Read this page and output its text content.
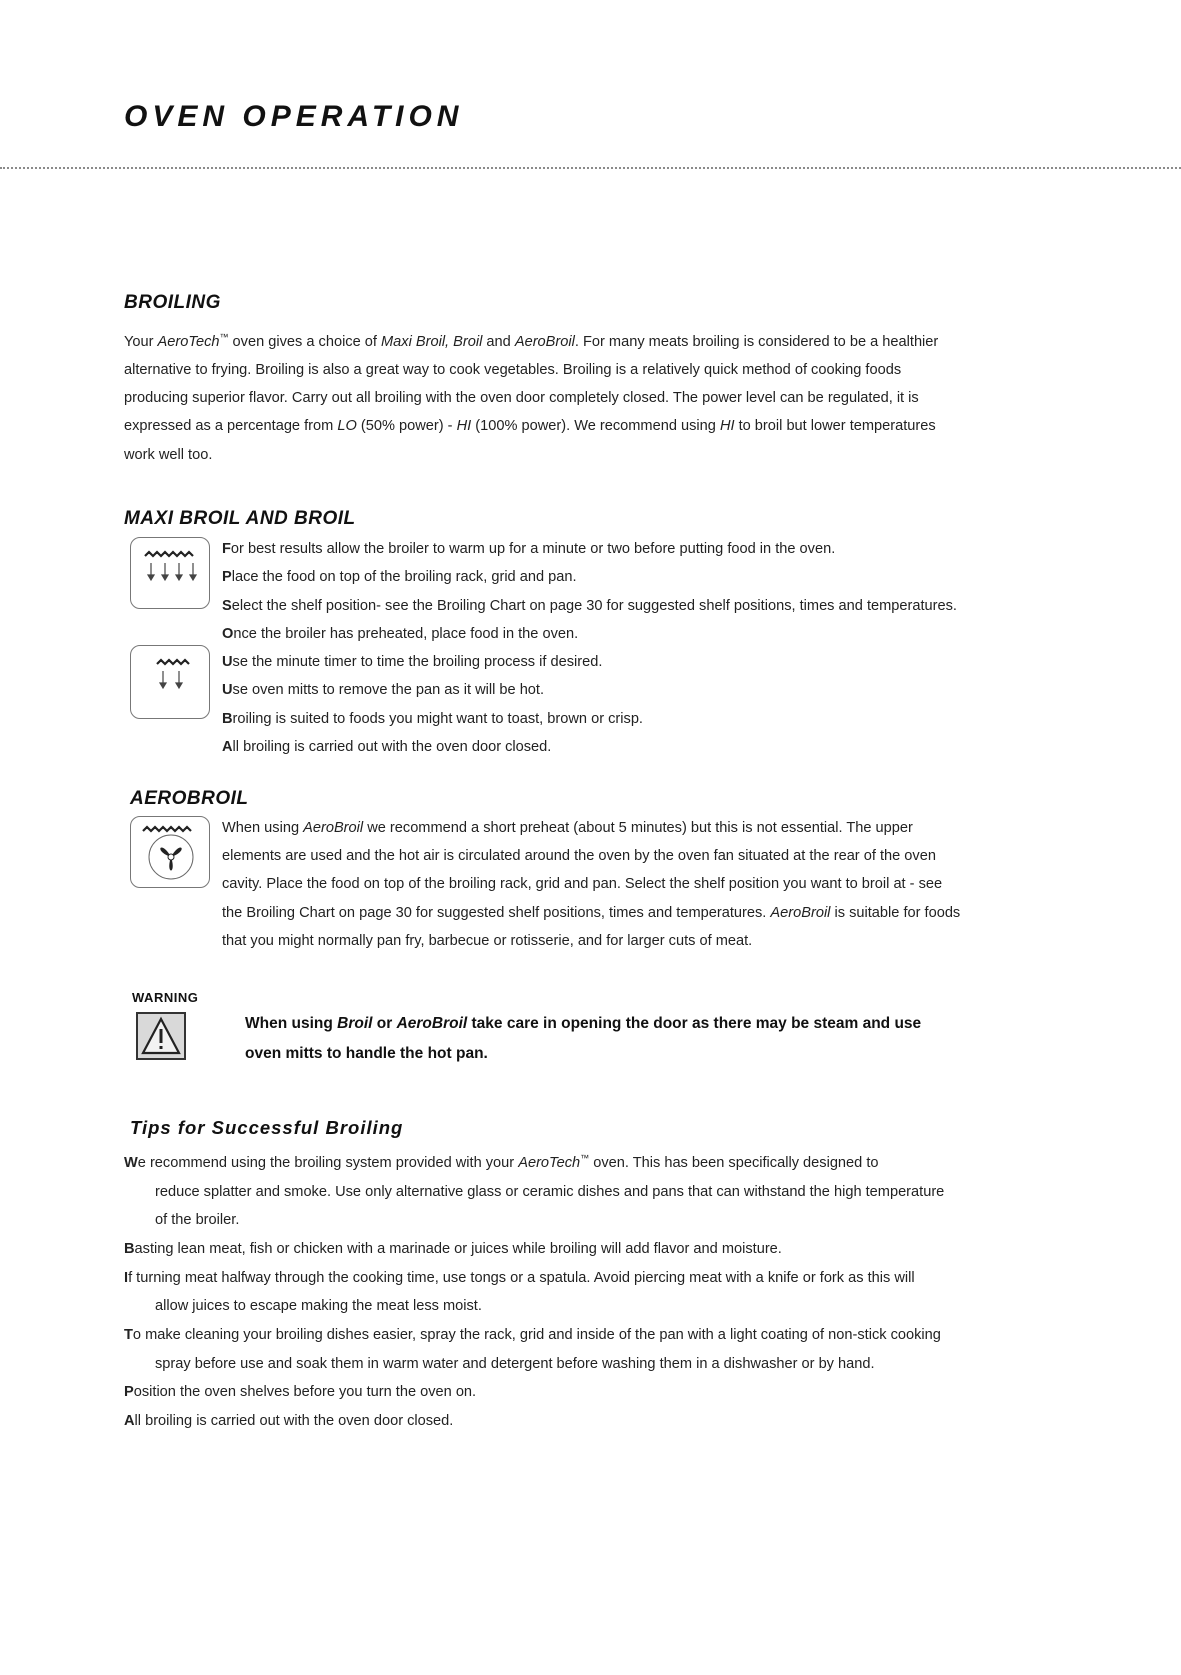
OVEN OPERATION
BROILING
Your AeroTech™ oven gives a choice of Maxi Broil, Broil and AeroBroil. For many meats broiling is considered to be a healthier
alternative to frying. Broiling is also a great way to cook vegetables. Broiling is a relatively quick method of cooking foods
producing superior flavor. Carry out all broiling with the oven door completely closed. The power level can be regulated, it is
expressed as a percentage from LO (50% power) - HI (100% power). We recommend using HI to broil but lower temperatures
work well too.
MAXI BROIL AND BROIL
For best results allow the broiler to warm up for a minute or two before putting food in the oven.
Place the food on top of the broiling rack, grid and pan.
Select the shelf position- see the Broiling Chart on page 30 for suggested shelf positions, times and temperatures.
Once the broiler has preheated, place food in the oven.
Use the minute timer to time the broiling process if desired.
Use oven mitts to remove the pan as it will be hot.
Broiling is suited to foods you might want to toast, brown or crisp.
All broiling is carried out with the oven door closed.
AEROBROIL
When using AeroBroil we recommend a short preheat (about 5 minutes) but this is not essential. The upper
elements are used and the hot air is circulated around the oven by the oven fan situated at the rear of the oven
cavity. Place the food on top of the broiling rack, grid and pan. Select the shelf position you want to broil at - see
the Broiling Chart on page 30 for suggested shelf positions, times and temperatures. AeroBroil is suitable for foods
that you might normally pan fry, barbecue or rotisserie, and for larger cuts of meat.
WARNING
When using Broil or AeroBroil take care in opening the door as there may be steam and use
oven mitts to handle the hot pan.
Tips for Successful Broiling
We recommend using the broiling system provided with your AeroTech™ oven. This has been specifically designed to
reduce splatter and smoke. Use only alternative glass or ceramic dishes and pans that can withstand the high temperature
of the broiler.
Basting lean meat, fish or chicken with a marinade or juices while broiling will add flavor and moisture.
If turning meat halfway through the cooking time, use tongs or a spatula. Avoid piercing meat with a knife or fork as this will
allow juices to escape making the meat less moist.
To make cleaning your broiling dishes easier, spray the rack, grid and inside of the pan with a light coating of non-stick cooking
spray before use and soak them in warm water and detergent before washing them in a dishwasher or by hand.
Position the oven shelves before you turn the oven on.
All broiling is carried out with the oven door closed.
